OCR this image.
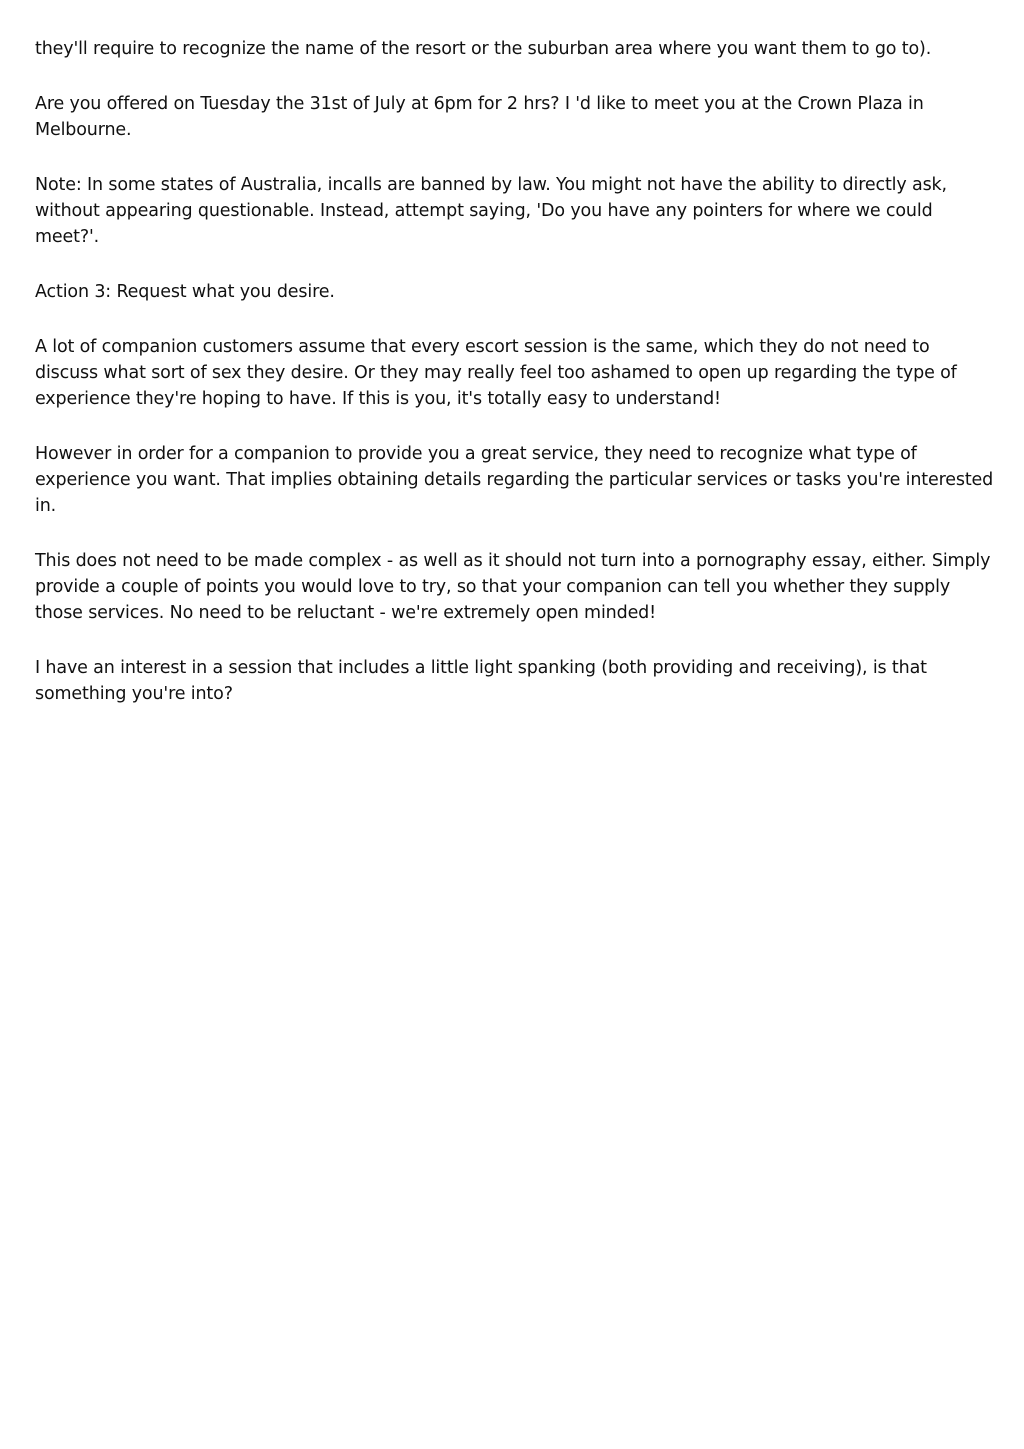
they'll require to recognize the name of the resort or the suburban area where you want them to go to).

Are you offered on Tuesday the 31st of July at 6pm for 2 hrs? I 'd like to meet you at the Crown Plaza in Melbourne.

Note: In some states of Australia, incalls are banned by law. You might not have the ability to directly ask, without appearing questionable. Instead, attempt saying, 'Do you have any pointers for where we could meet?'.

Action 3: Request what you desire.

A lot of companion customers assume that every escort session is the same, which they do not need to discuss what sort of sex they desire. Or they may really feel too ashamed to open up regarding the type of experience they're hoping to have. If this is you, it's totally easy to understand!

However in order for a companion to provide you a great service, they need to recognize what type of experience you want. That implies obtaining details regarding the particular services or tasks you're interested in.

This does not need to be made complex - as well as it should not turn into a pornography essay, either. Simply provide a couple of points you would love to try, so that your companion can tell you whether they supply those services. No need to be reluctant - we're extremely open minded!

I have an interest in a session that includes a little light spanking (both providing and receiving), is that something you're into?
